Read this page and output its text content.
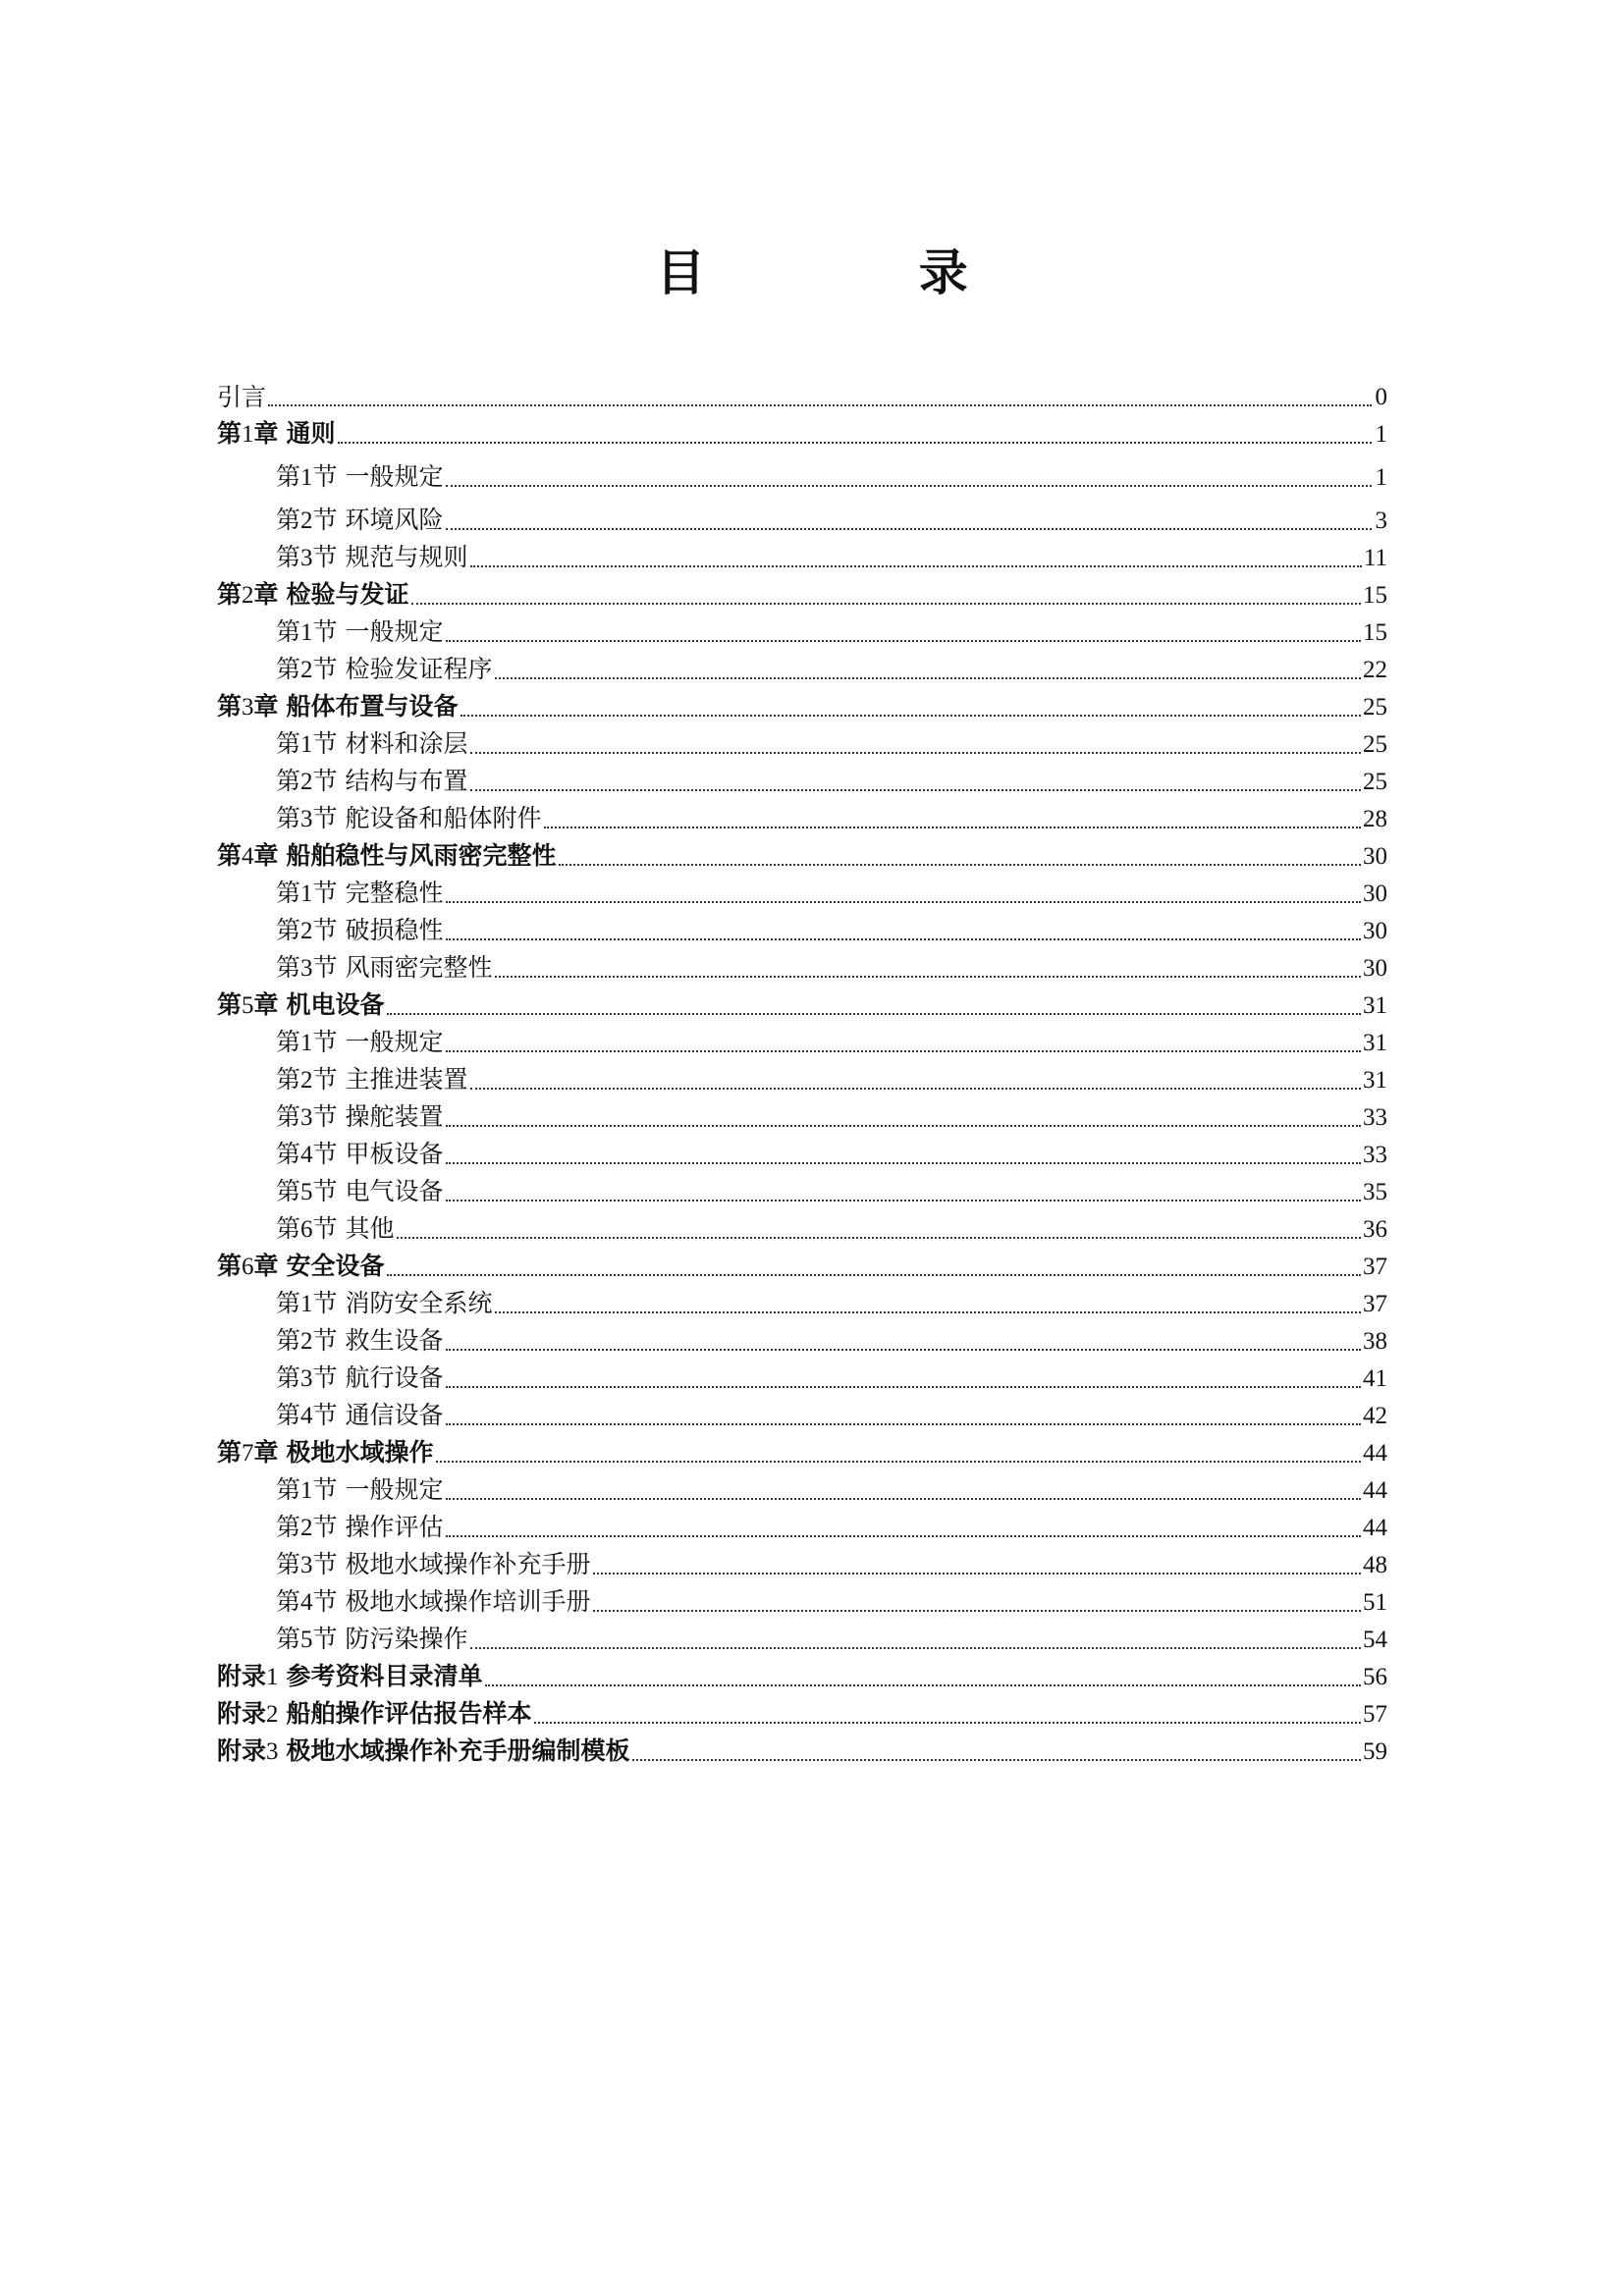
目 录
引言	0
第1章 通则	1
第1节 一般规定	1
第2节 环境风险	3
第3节 规范与规则	11
第2章 检验与发证	15
第1节 一般规定	15
第2节 检验发证程序	22
第3章 船体布置与设备	25
第1节 材料和涂层	25
第2节 结构与布置	25
第3节 舵设备和船体附件	28
第4章 船舶稳性与风雨密完整性	30
第1节 完整稳性	30
第2节 破损稳性	30
第3节 风雨密完整性	30
第5章 机电设备	31
第1节 一般规定	31
第2节 主推进装置	31
第3节 操舵装置	33
第4节 甲板设备	33
第5节 电气设备	35
第6节 其他	36
第6章 安全设备	37
第1节 消防安全系统	37
第2节 救生设备	38
第3节 航行设备	41
第4节 通信设备	42
第7章 极地水域操作	44
第1节 一般规定	44
第2节 操作评估	44
第3节 极地水域操作补充手册	48
第4节 极地水域操作培训手册	51
第5节 防污染操作	54
附录1 参考资料目录清单	56
附录2 船舶操作评估报告样本	57
附录3 极地水域操作补充手册编制模板	59
